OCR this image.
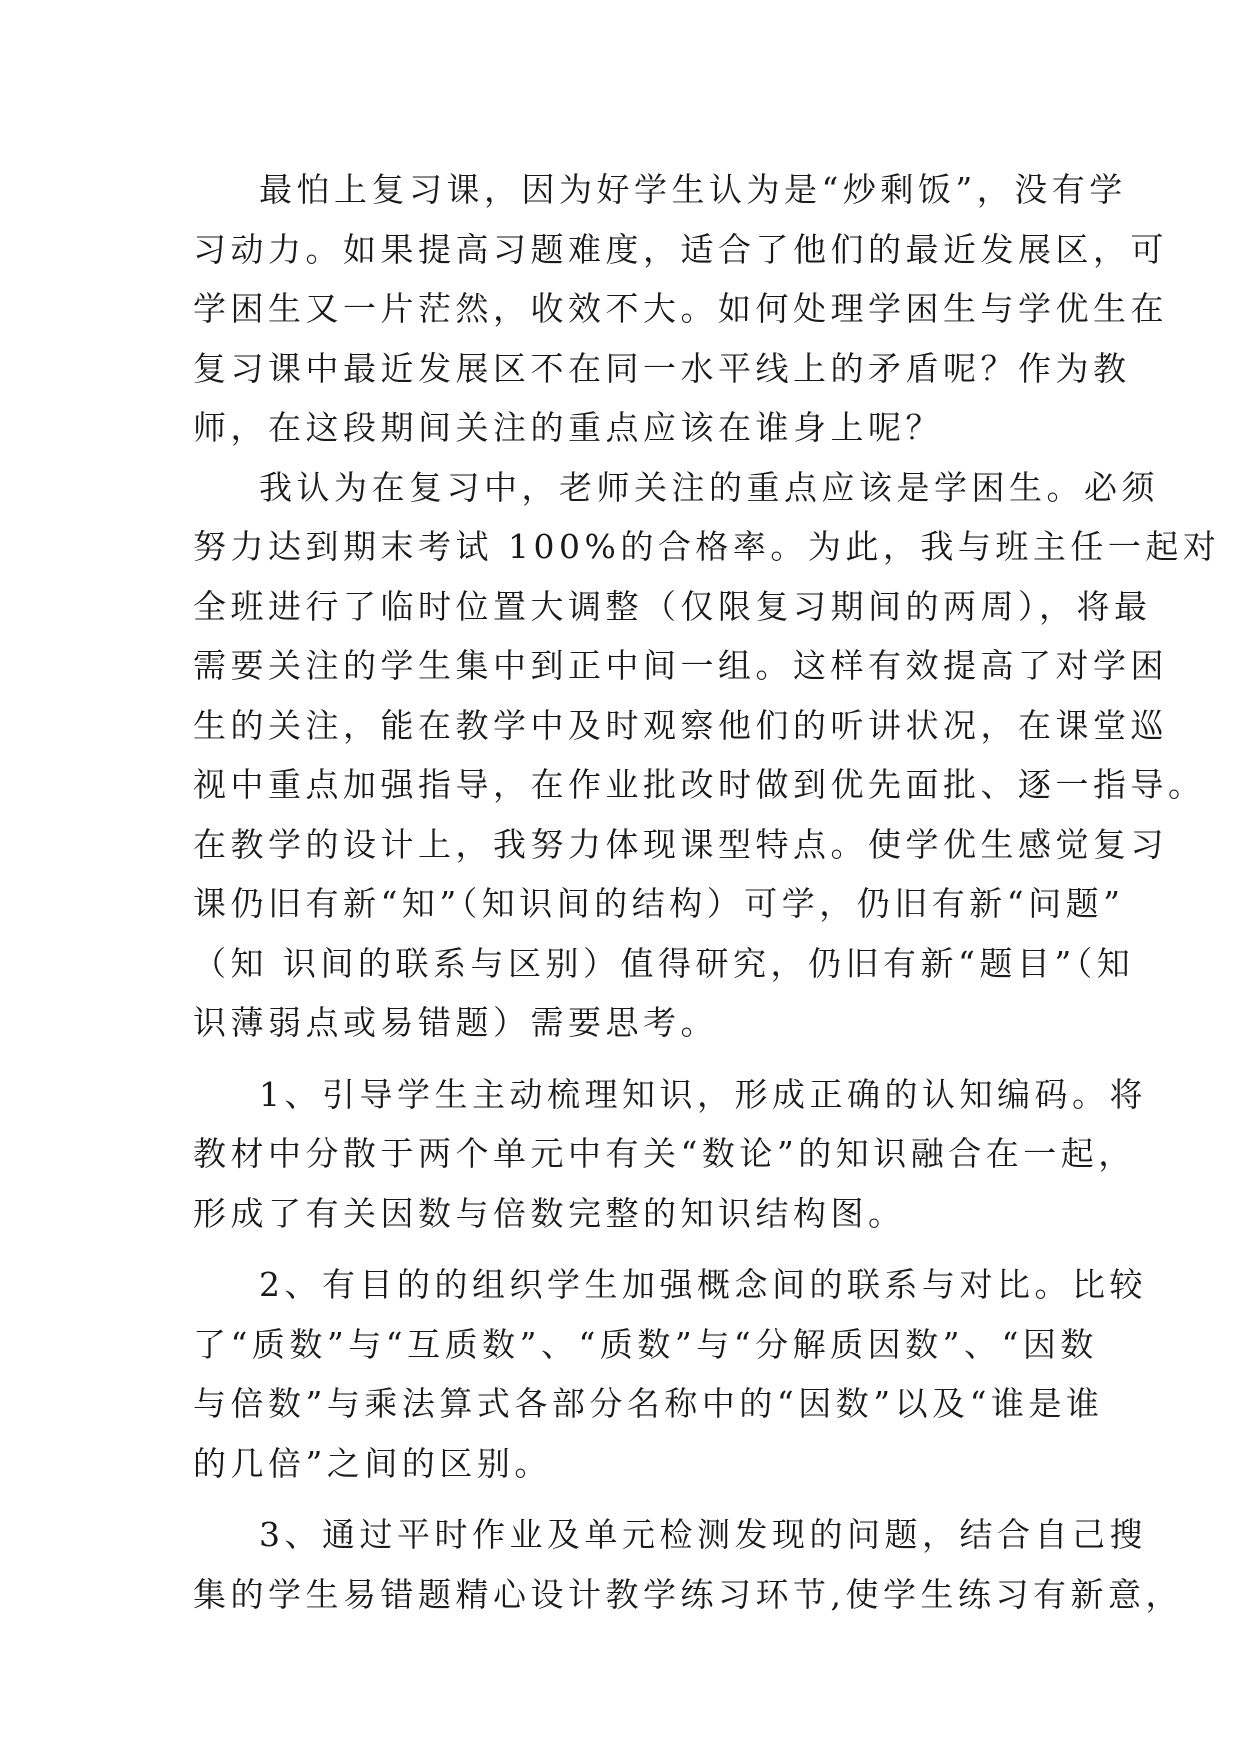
最怕上复习课，因为好学生认为是“炒剩饭”，没有学
习动力。如果提高习题难度，适合了他们的最近发展区，可
学困生又一片茫然，收效不大。如何处理学困生与学优生在
复习课中最近发展区不在同一水平线上的矛盾呢？作为教
师，在这段期间关注的重点应该在谁身上呢？
我认为在复习中，老师关注的重点应该是学困生。必须
努力达到期末考试 100%的合格率。为此，我与班主任一起对
全班进行了临时位置大调整（仅限复习期间的两周），将最
需要关注的学生集中到正中间一组。这样有效提高了对学困
生的关注，能在教学中及时观察他们的听讲状况，在课堂巡
视中重点加强指导，在作业批改时做到优先面批、逐一指导。
在教学的设计上，我努力体现课型特点。使学优生感觉复习
课仍旧有新“知”（知识间的结构）可学，仍旧有新“问题”
（知 识间的联系与区别）值得研究，仍旧有新“题目”（知
识薄弱点或易错题）需要思考。
1、引导学生主动梳理知识，形成正确的认知编码。将
教材中分散于两个单元中有关“数论”的知识融合在一起，
形成了有关因数与倍数完整的知识结构图。
2、有目的的组织学生加强概念间的联系与对比。比较
了“质数”与“互质数”、“质数”与“分解质因数”、“因数
与倍数”与乘法算式各部分名称中的“因数”以及“谁是谁
的几倍”之间的区别。
3、通过平时作业及单元检测发现的问题，结合自己搜
集的学生易错题精心设计教学练习环节,使学生练习有新意，
